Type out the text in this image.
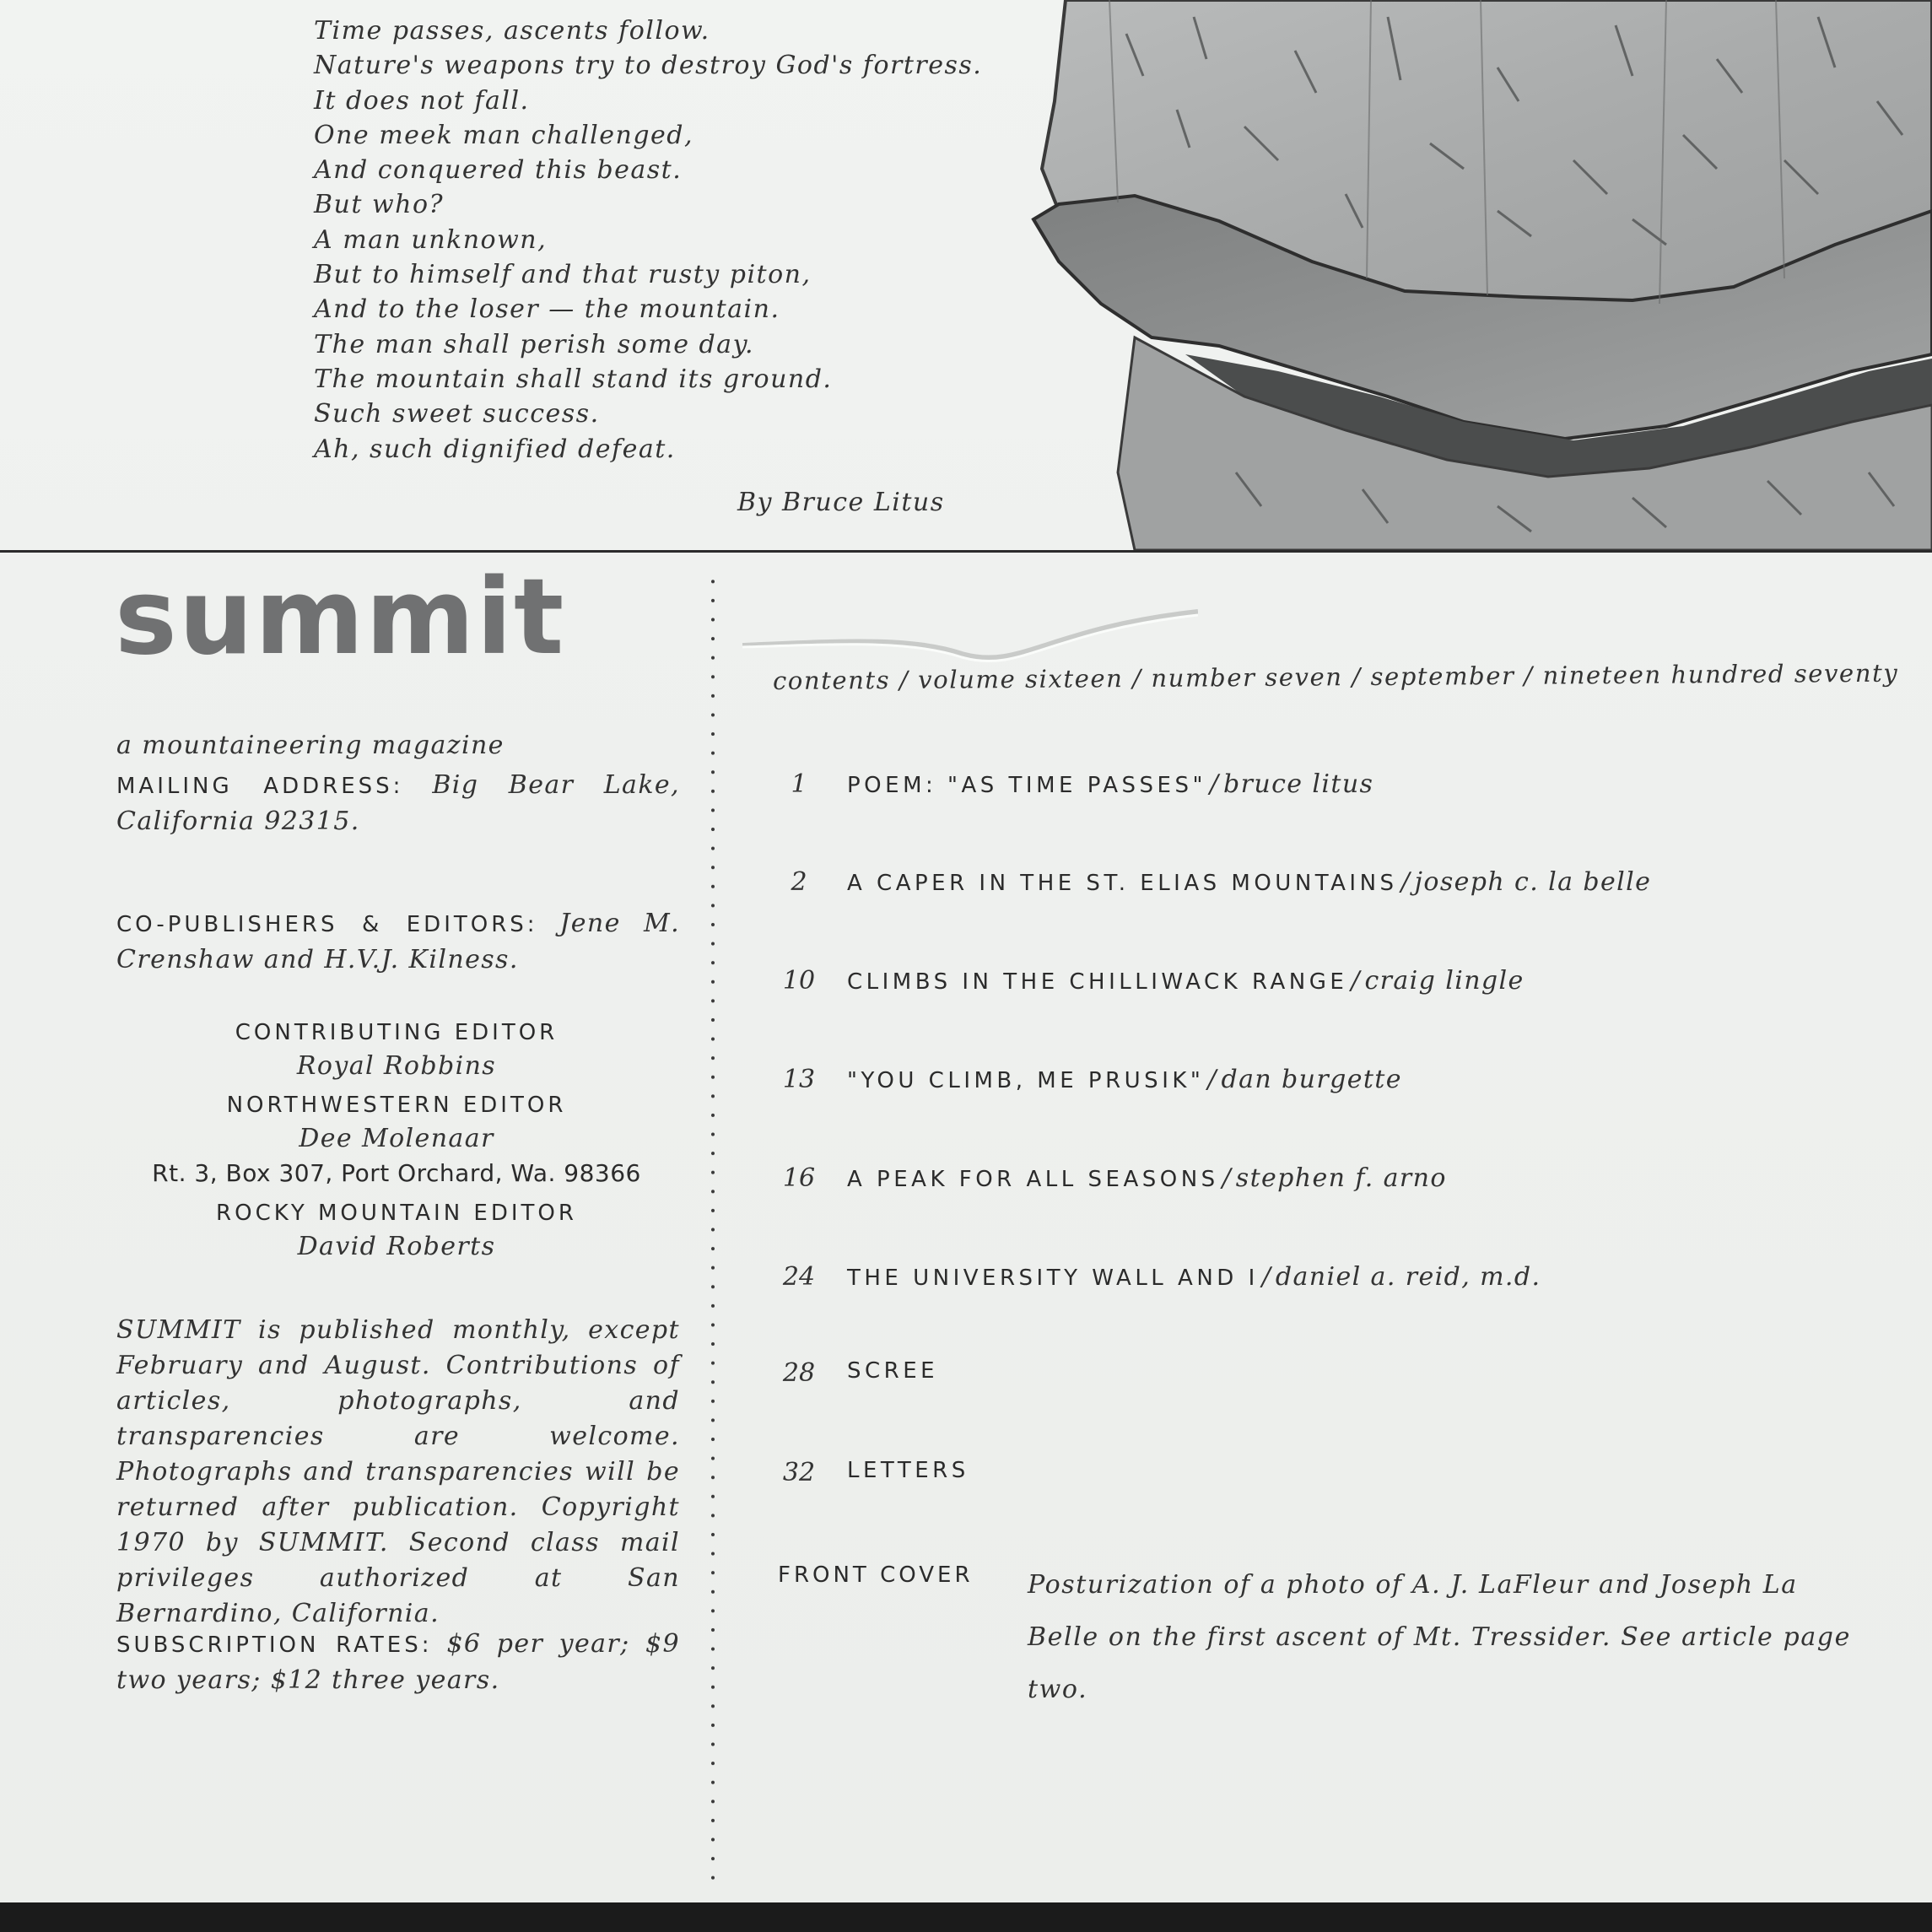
Time passes, ascents follow.
Nature's weapons try to destroy God's fortress.
It does not fall.
One meek man challenged,
And conquered this beast.
But who?
A man unknown,
But to himself and that rusty piton,
And to the loser — the mountain.
The man shall perish some day.
The mountain shall stand its ground.
Such sweet success.
Ah, such dignified defeat.
By Bruce Litus
summit
a mountaineering magazine
MAILING ADDRESS: Big Bear Lake, California 92315.
CO-PUBLISHERS & EDITORS: Jene M. Crenshaw and H.V.J. Kilness.
CONTRIBUTING EDITOR
Royal Robbins
NORTHWESTERN EDITOR
Dee Molenaar
Rt. 3, Box 307, Port Orchard, Wa. 98366
ROCKY MOUNTAIN EDITOR
David Roberts
SUMMIT is published monthly, except February and August. Contributions of articles, photographs, and transparencies are welcome. Photographs and transparencies will be returned after publication. Copyright 1970 by SUMMIT. Second class mail privileges authorized at San Bernardino, California.
SUBSCRIPTION RATES: $6 per year; $9 two years; $12 three years.
contents / volume sixteen / number seven / september / nineteen hundred seventy
1	POEM: "AS TIME PASSES" / bruce litus
2	A CAPER IN THE ST. ELIAS MOUNTAINS / joseph c. la belle
10	CLIMBS IN THE CHILLIWACK RANGE / craig lingle
13	"YOU CLIMB, ME PRUSIK" / dan burgette
16	A PEAK FOR ALL SEASONS / stephen f. arno
24	THE UNIVERSITY WALL AND I / daniel a. reid, m.d.
28	SCREE
32	LETTERS
FRONT COVER Posturization of a photo of A. J. LaFleur and Joseph La Belle on the first ascent of Mt. Tressider. See article page two.
